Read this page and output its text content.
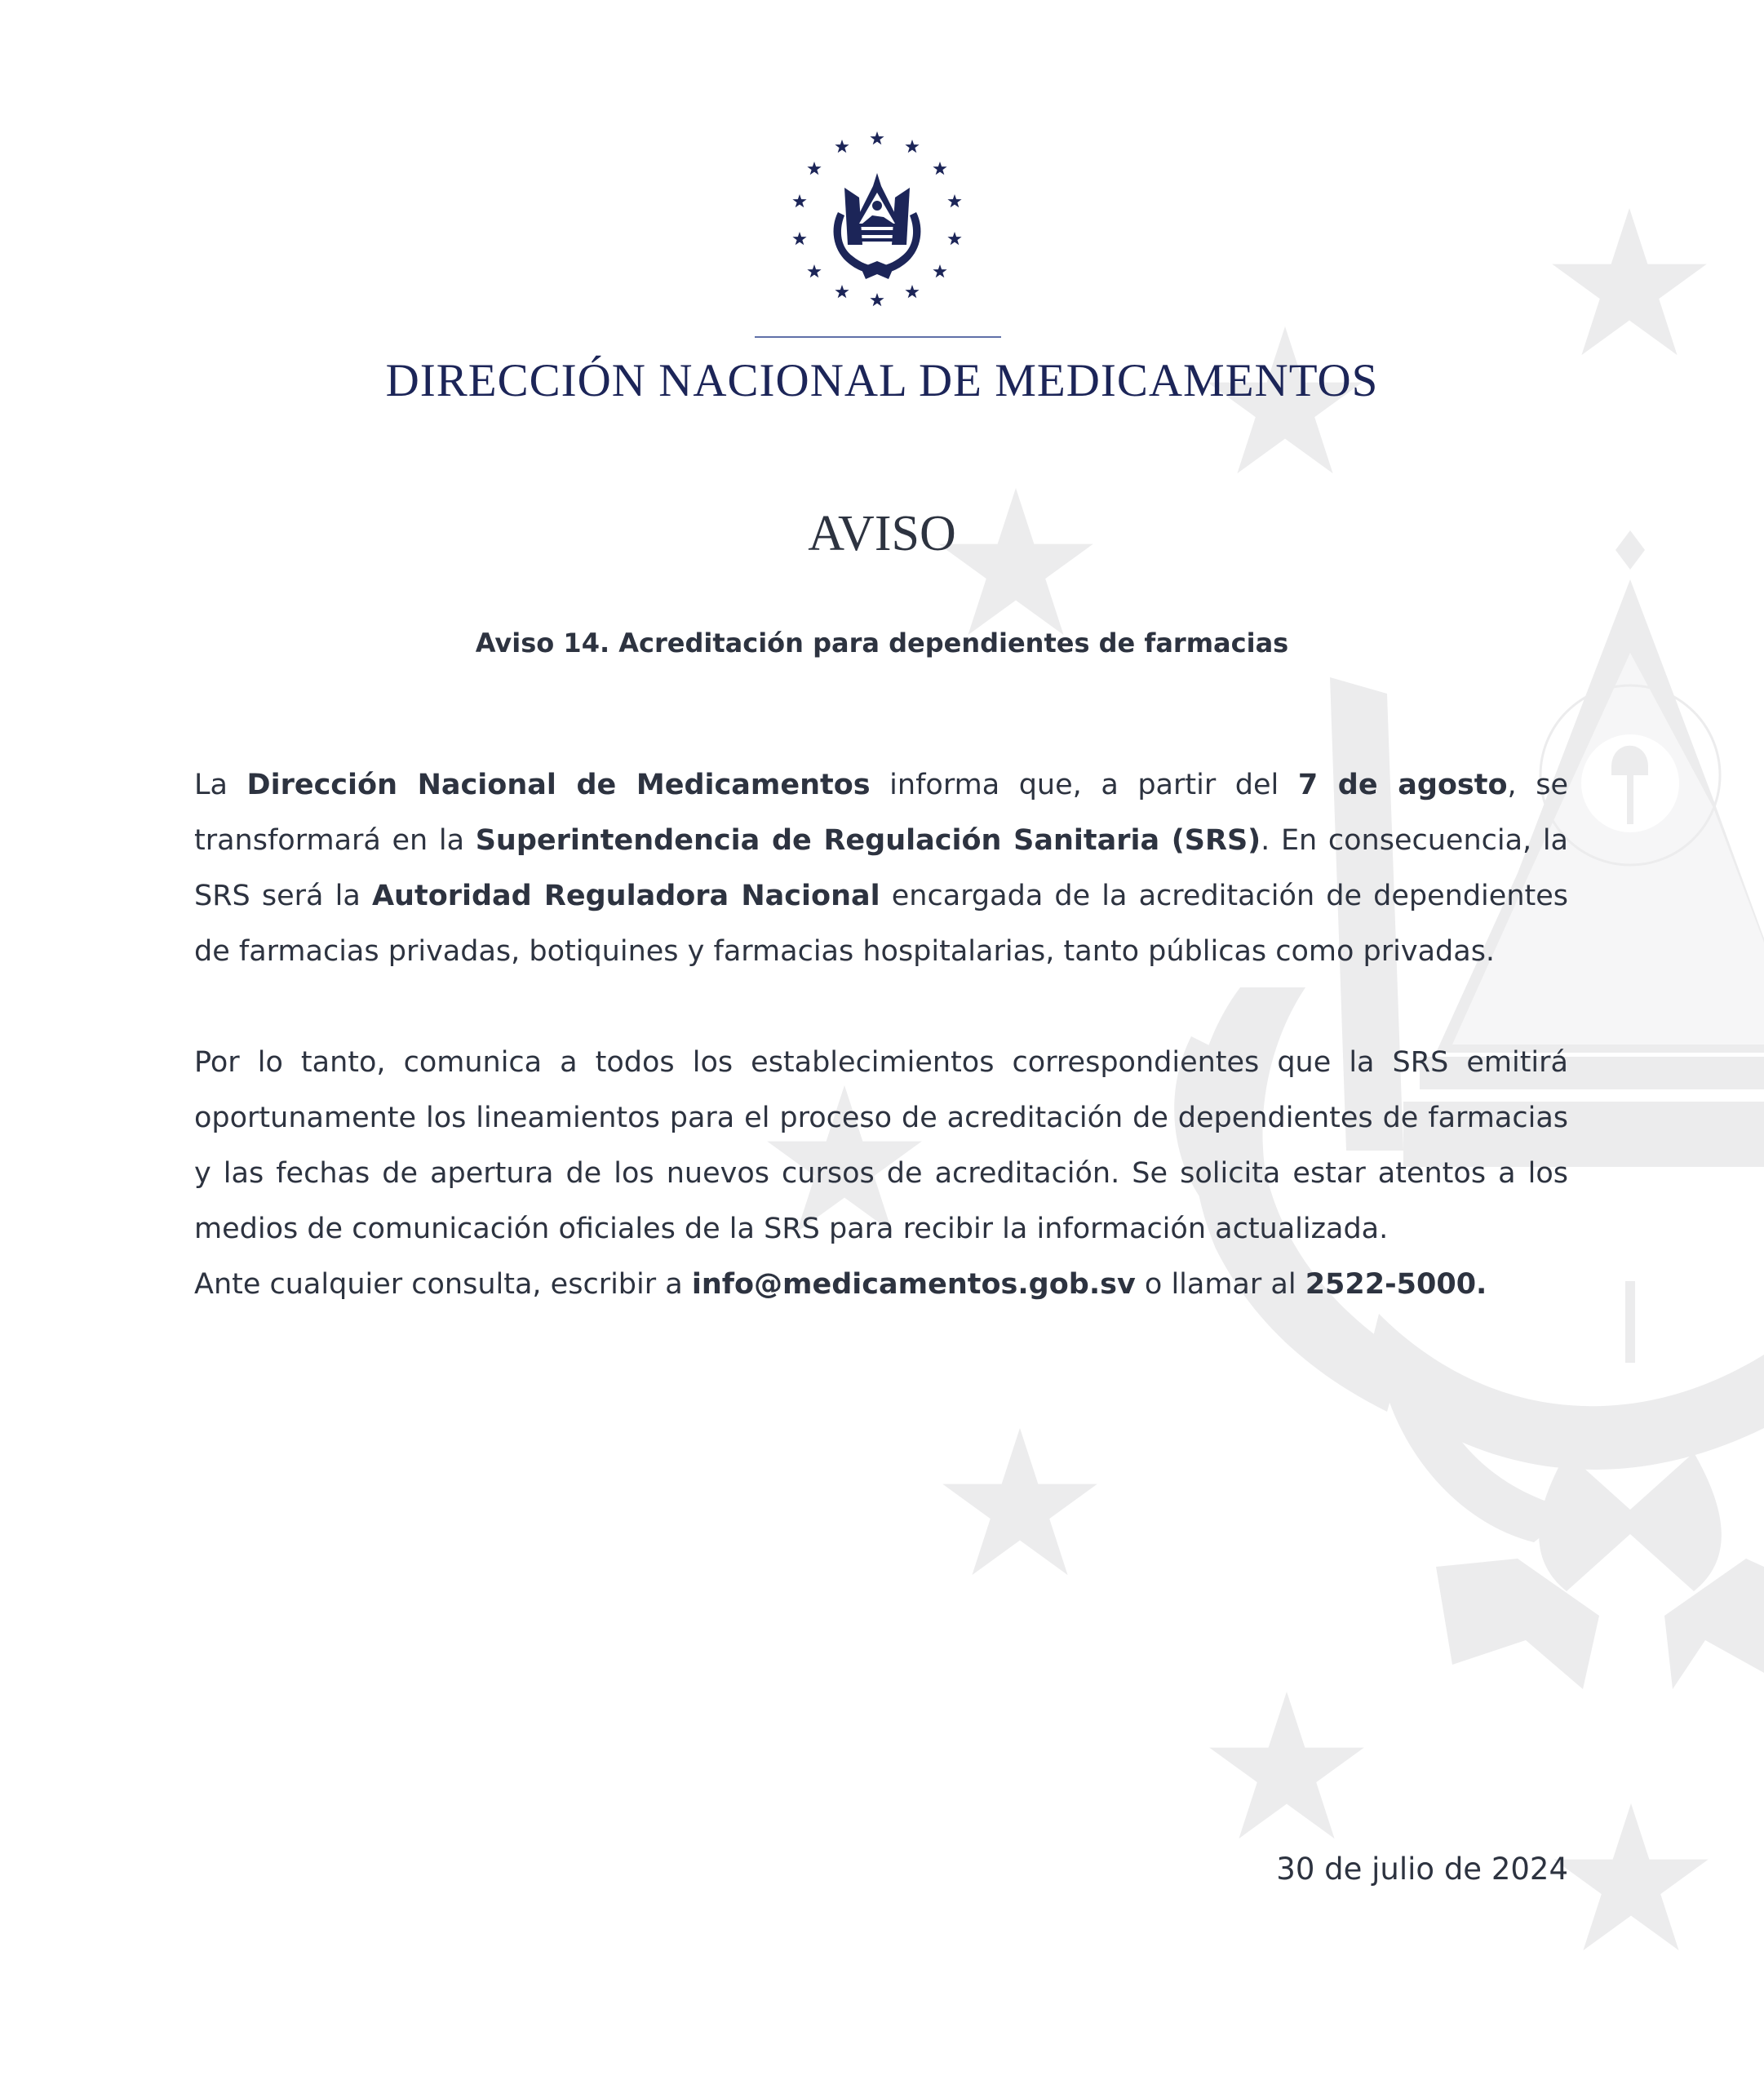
DIRECCIÓN NACIONAL DE MEDICAMENTOS
AVISO
Aviso 14. Acreditación para dependientes de farmacias

La Dirección Nacional de Medicamentos informa que, a partir del 7 de agosto, se transformará en la Superintendencia de Regulación Sanitaria (SRS). En consecuencia, la SRS será la Autoridad Reguladora Nacional encargada de la acreditación de dependientes de farmacias privadas, botiquines y farmacias hospitalarias, tanto públicas como privadas.

Por lo tanto, comunica a todos los establecimientos correspondientes que la SRS emitirá oportunamente los lineamientos para el proceso de acreditación de dependientes de farmacias y las fechas de apertura de los nuevos cursos de acreditación. Se solicita estar atentos a los medios de comunicación oficiales de la SRS para recibir la información actualizada.

Ante cualquier consulta, escribir a info@medicamentos.gob.sv o llamar al 2522-5000.

30 de julio de 2024
